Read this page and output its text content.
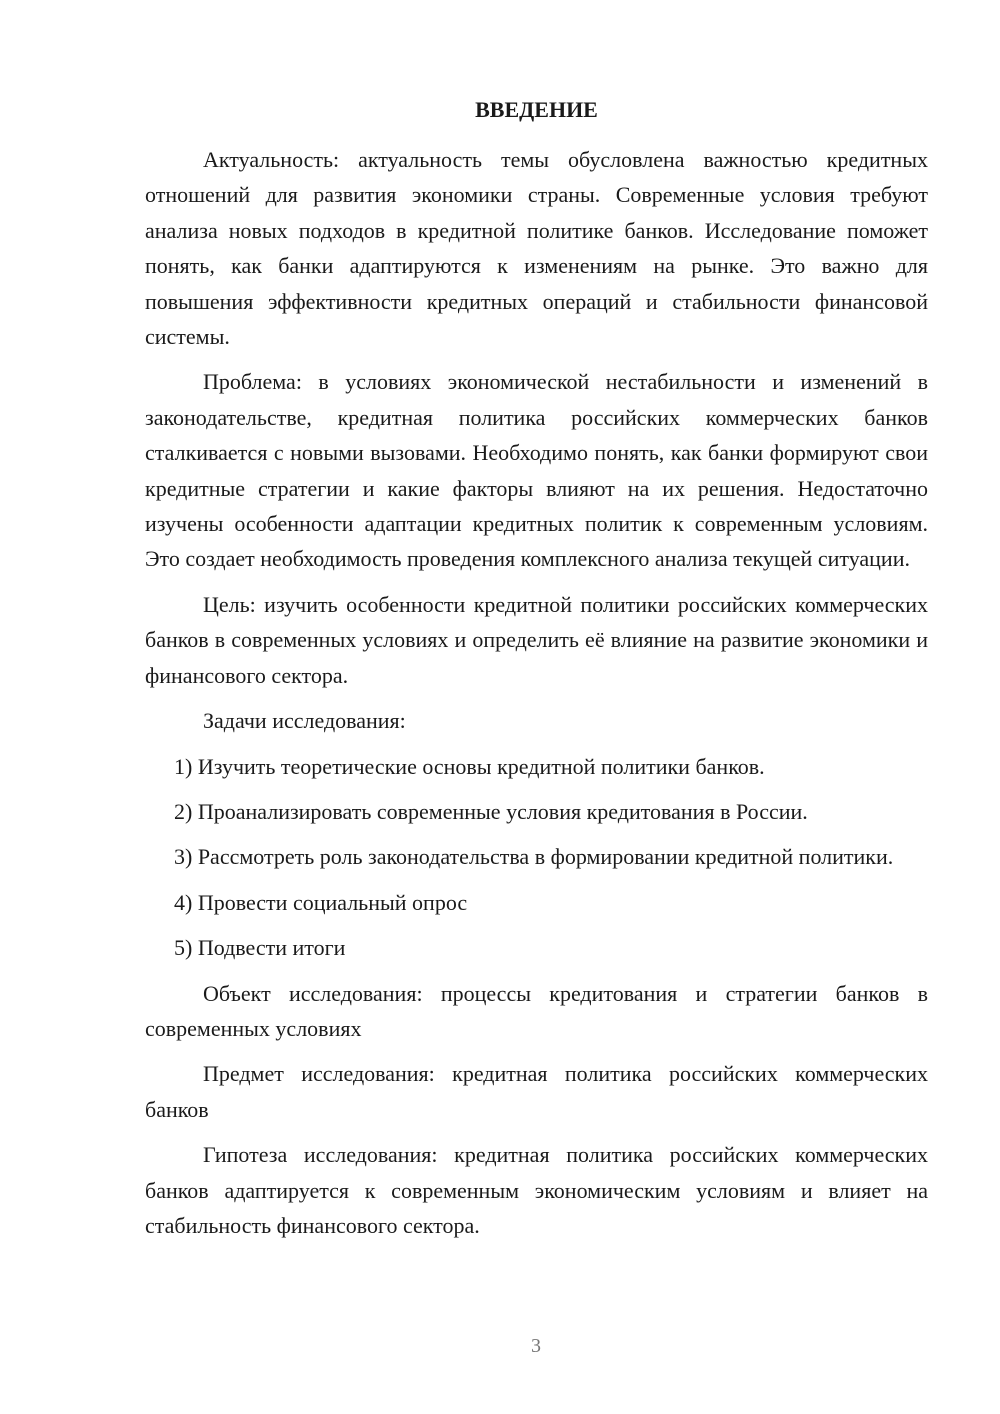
ВВЕДЕНИЕ

Актуальность: актуальность темы обусловлена важностью кредитных отношений для развития экономики страны. Современные условия требуют анализа новых подходов в кредитной политике банков. Исследование поможет понять, как банки адаптируются к изменениям на рынке. Это важно для повышения эффективности кредитных операций и стабильности финансовой системы.

Проблема: в условиях экономической нестабильности и изменений в законодательстве, кредитная политика российских коммерческих банков сталкивается с новыми вызовами. Необходимо понять, как банки формируют свои кредитные стратегии и какие факторы влияют на их решения. Недостаточно изучены особенности адаптации кредитных политик к современным условиям. Это создает необходимость проведения комплексного анализа текущей ситуации.

Цель: изучить особенности кредитной политики российских коммерческих банков в современных условиях и определить её влияние на развитие экономики и финансового сектора.

Задачи исследования:

1) Изучить теоретические основы кредитной политики банков.

2) Проанализировать современные условия кредитования в России.

3) Рассмотреть роль законодательства в формировании кредитной политики.

4) Провести социальный опрос

5) Подвести итоги

Объект исследования: процессы кредитования и стратегии банков в современных условиях

Предмет исследования: кредитная политика российских коммерческих банков

Гипотеза исследования: кредитная политика российских коммерческих банков адаптируется к современным экономическим условиям и влияет на стабильность финансового сектора.

3
